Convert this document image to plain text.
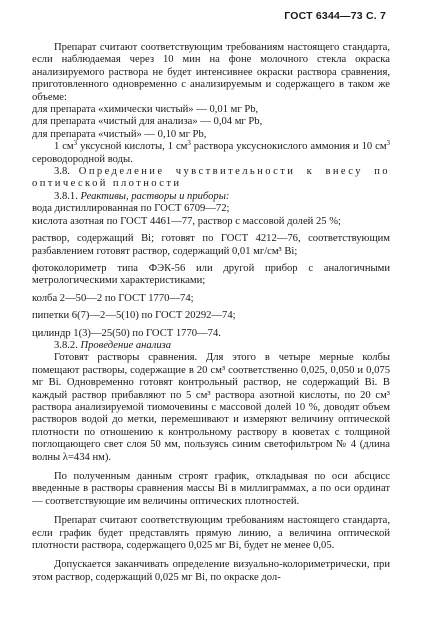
ГОСТ 6344—73 С. 7

Препарат считают соответствующим требованиям настоящего стандарта, если наблюдаемая через 10 мин на фоне молочного стекла окраска анализируемого раствора не будет интенсивнее окраски раствора сравнения, приготовленного одновременно с анализируемым и содержащего в таком же объеме:

для препарата «химически чистый» — 0,01 мг Pb,

для препарата «чистый для анализа» — 0,04 мг Pb,

для препарата «чистый» — 0,10 мг Pb,

1 $см^3$ уксусной кислоты, 1 $см^3$ раствора уксуснокислого аммония и 10 $см^3$ сероводородной воды.

3.8. Определение чувствительности к внесу по оптической плотности

3.8.1. Реактивы, растворы и приборы:

вода дистиллированная по ГОСТ 6709—72;

кислота азотная по ГОСТ 4461—77, раствор с массовой долей 25 %;

раствор, содержащий Bi; готовят по ГОСТ 4212—76, соответствующим разбавлением готовят раствор, содержащий 0,01 мг/см³ Bi;

фотоколориметр типа ФЭК-56 или другой прибор с аналогичными метрологическими характеристиками;

колба 2—50—2 по ГОСТ 1770—74;

пипетки 6(7)—2—5(10) по ГОСТ 20292—74;

цилиндр 1(3)—25(50) по ГОСТ 1770—74.

3.8.2. Проведение анализа

Готовят растворы сравнения. Для этого в четыре мерные колбы помещают растворы, содержащие в 20 см³ соответственно 0,025, 0,050 и 0,075 мг Bi. Одновременно готовят контрольный раствор, не содержащий Bi. В каждый раствор прибавляют по 5 см³ раствора азотной кислоты, по 20 см³ раствора анализируемой тиомочевины с массовой долей 10 %, доводят объем растворов водой до метки, перемешивают и измеряют величину оптической плотности по отношению к контрольному раствору в кюветах с толщиной поглощающего свет слоя 50 мм, пользуясь синим светофильтром № 4 (длина волны λ=434 нм).

По полученным данным строят график, откладывая по оси абсцисс введенные в растворы сравнения массы Bi в миллиграммах, а по оси ординат — соответствующие им величины оптических плотностей.

Препарат считают соответствующим требованиям настоящего стандарта, если график будет представлять прямую линию, а величина оптической плотности раствора, содержащего 0,025 мг Bi, будет не менее 0,05.

Допускается заканчивать определение визуально-колориметрически, при этом раствор, содержащий 0,025 мг Bi, по окраске дол-
